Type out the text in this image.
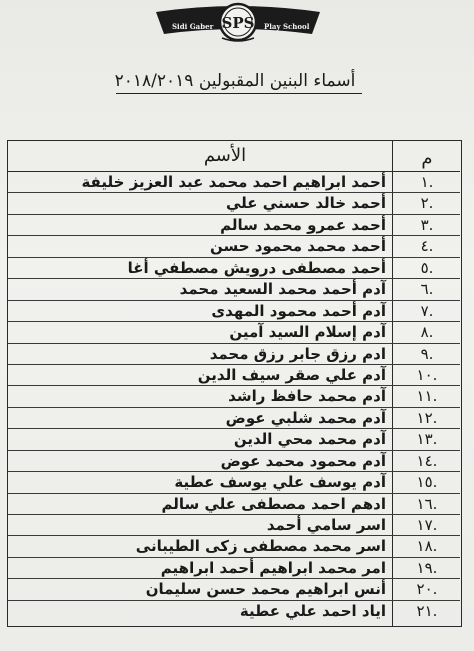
SPS
Sidi Gaber	Play School
أسماء البنين المقبولين ٢٠١٨/٢٠١٩
الأسم	م
أحمد ابراهيم احمد محمد عبد العزيز خليفة	.١
أحمد خالد حسني علي	.٢
أحمد عمرو محمد سالم	.٣
أحمد محمد محمود حسن	.٤
أحمد مصطفى درويش مصطفي أغا	.٥
آدم أحمد محمد السعيد محمد	.٦
آدم أحمد محمود المهدى	.٧
آدم إسلام السيد آمين	.٨
ادم رزق جابر رزق محمد	.٩
آدم علي صقر سيف الدين	.١٠
آدم محمد حافظ راشد	.١١
آدم محمد شلبي عوض	.١٢
آدم محمد محي الدين	.١٣
آدم محمود محمد عوض	.١٤
آدم يوسف علي يوسف عطية	.١٥
ادهم احمد مصطفى علي سالم	.١٦
اسر سامي أحمد	.١٧
اسر محمد مصطفى زكى الطيبانى	.١٨
امر محمد ابراهيم أحمد ابراهيم	.١٩
أنس ابراهيم محمد حسن سليمان	.٢٠
اياد احمد علي عطية	.٢١
